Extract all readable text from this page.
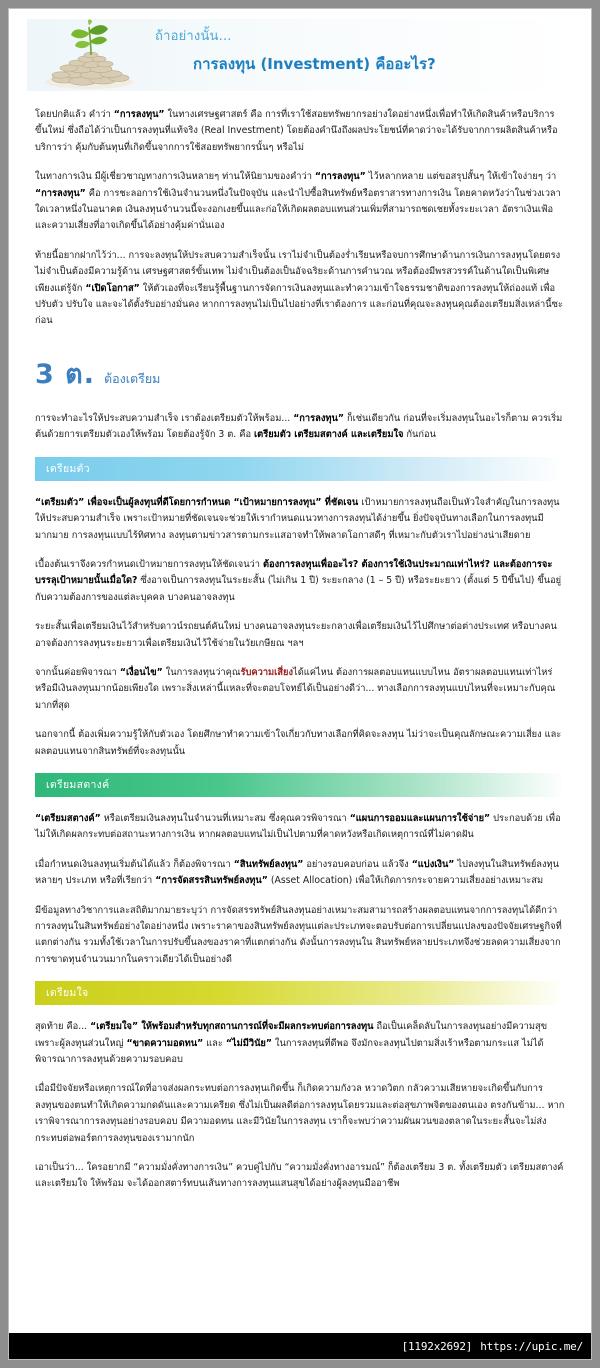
ถ้าอย่างนั้น...
การลงทุน (Investment) คืออะไร?

โดยปกติแล้ว คำว่า “การลงทุน” ในทางเศรษฐศาสตร์ คือ การที่เราใช้สอยทรัพยากรอย่างใดอย่างหนึ่งเพื่อทำให้เกิดสินค้าหรือบริการขึ้นใหม่ ซึ่งถือได้ว่าเป็นการลงทุนที่แท้จริง (Real Investment) โดยต้องคำนึงถึงผลประโยชน์ที่คาดว่าจะได้รับจากการผลิตสินค้าหรือบริการว่า คุ้มกับต้นทุนที่เกิดขึ้นจากการใช้สอยทรัพยากรนั้นๆ หรือไม่

ในทางการเงิน มีผู้เชี่ยวชาญทางการเงินหลายๆ ท่านให้นิยามของคำว่า “การลงทุน” ไว้หลากหลาย แต่ขอสรุปสั้นๆ ให้เข้าใจง่ายๆ ว่า “การลงทุน” คือ การชะลอการใช้เงินจำนวนหนึ่งในปัจจุบัน และนำไปซื้อสินทรัพย์หรือตราสารทางการเงิน โดยคาดหวังว่าในช่วงเวลาใดเวลาหนึ่งในอนาคต เงินลงทุนจำนวนนี้จะงอกเงยขึ้นและก่อให้เกิดผลตอบแทนส่วนเพิ่มที่สามารถชดเชยทั้งระยะเวลา อัตราเงินเฟ้อ และความเสี่ยงที่อาจเกิดขึ้นได้อย่างคุ้มค่านั่นเอง

ท้ายนี้อยากฝากไว้ว่า... การจะลงทุนให้ประสบความสำเร็จนั้น เราไม่จำเป็นต้องร่ำเรียนหรือจบการศึกษาด้านการเงินการลงทุนโดยตรง ไม่จำเป็นต้องมีความรู้ด้าน เศรษฐศาสตร์ขั้นเทพ ไม่จำเป็นต้องเป็นอัจฉริยะด้านการคำนวณ หรือต้องมีพรสวรรค์ในด้านใดเป็นพิเศษ เพียงแต่รู้จัก “เปิดโอกาส” ให้ตัวเองที่จะเรียนรู้พื้นฐานการจัดการเงินลงทุนและทำความเข้าใจธรรมชาติของการลงทุนให้ถ่องแท้ เพื่อปรับตัว ปรับใจ และจะได้ตั้งรับอย่างมั่นคง หากการลงทุนไม่เป็นไปอย่างที่เราต้องการ และก่อนที่คุณจะลงทุนคุณต้องเตรียมสิ่งเหล่านี้ซะก่อน

3 ต. ต้องเตรียม

การจะทำอะไรให้ประสบความสำเร็จ เราต้องเตรียมตัวให้พร้อม... “การลงทุน” ก็เช่นเดียวกัน ก่อนที่จะเริ่มลงทุนในอะไรก็ตาม ควรเริ่มต้นด้วยการเตรียมตัวเองให้พร้อม โดยต้องรู้จัก 3 ต. คือ เตรียมตัว เตรียมสตางค์ และเตรียมใจ กันก่อน

เตรียมตัว

“เตรียมตัว” เพื่อจะเป็นผู้ลงทุนที่ดีโดยการกำหนด “เป้าหมายการลงทุน” ที่ชัดเจน เป้าหมายการลงทุนถือเป็นหัวใจสำคัญในการลงทุนให้ประสบความสำเร็จ เพราะเป้าหมายที่ชัดเจนจะช่วยให้เรากำหนดแนวทางการลงทุนได้ง่ายขึ้น ยิ่งปัจจุบันทางเลือกในการลงทุนมีมากมาย การลงทุนแบบไร้ทิศทาง ลงทุนตามข่าวสารตามกระแสอาจทำให้พลาดโอกาสดีๆ ที่เหมาะกับตัวเราไปอย่างน่าเสียดาย

เบื้องต้นเราจึงควรกำหนดเป้าหมายการลงทุนให้ชัดเจนว่า ต้องการลงทุนเพื่ออะไร? ต้องการใช้เงินประมาณเท่าไหร่? และต้องการจะบรรลุเป้าหมายนั้นเมื่อใด? ซึ่งอาจเป็นการลงทุนในระยะสั้น (ไม่เกิน 1 ปี) ระยะกลาง (1 – 5 ปี) หรือระยะยาว (ตั้งแต่ 5 ปีขึ้นไป) ขึ้นอยู่กับความต้องการของแต่ละบุคคล บางคนอาจลงทุน

ระยะสั้นเพื่อเตรียมเงินไว้สำหรับดาวน์รถยนต์คันใหม่ บางคนอาจลงทุนระยะกลางเพื่อเตรียมเงินไว้ไปศึกษาต่อต่างประเทศ หรือบางคนอาจต้องการลงทุนระยะยาวเพื่อเตรียมเงินไว้ใช้จ่ายในวัยเกษียณ ฯลฯ

จากนั้นค่อยพิจารณา “เงื่อนไข” ในการลงทุนว่าคุณรับความเสี่ยงได้แค่ไหน ต้องการผลตอบแทนแบบไหน อัตราผลตอบแทนเท่าไหร่ หรือมีเงินลงทุนมากน้อยเพียงใด เพราะสิ่งเหล่านี้แหละที่จะตอบโจทย์ได้เป็นอย่างดีว่า... ทางเลือกการลงทุนแบบไหนที่จะเหมาะกับคุณมากที่สุด

นอกจากนี้ ต้องเพิ่มความรู้ให้กับตัวเอง โดยศึกษาทำความเข้าใจเกี่ยวกับทางเลือกที่คิดจะลงทุน ไม่ว่าจะเป็นคุณลักษณะความเสี่ยง และผลตอบแทนจากสินทรัพย์ที่จะลงทุนนั้น

เตรียมสตางค์

“เตรียมสตางค์” หรือเตรียมเงินลงทุนในจำนวนที่เหมาะสม ซึ่งคุณควรพิจารณา “แผนการออมและแผนการใช้จ่าย” ประกอบด้วย เพื่อไม่ให้เกิดผลกระทบต่อสถานะทางการเงิน หากผลตอบแทนไม่เป็นไปตามที่คาดหวังหรือเกิดเหตุการณ์ที่ไม่คาดฝัน

เมื่อกำหนดเงินลงทุนเริ่มต้นได้แล้ว ก็ต้องพิจารณา “สินทรัพย์ลงทุน” อย่างรอบคอบก่อน แล้วจึง “แบ่งเงิน” ไปลงทุนในสินทรัพย์ลงทุนหลายๆ ประเภท หรือที่เรียกว่า “การจัดสรรสินทรัพย์ลงทุน” (Asset Allocation) เพื่อให้เกิดการกระจายความเสี่ยงอย่างเหมาะสม

มีข้อมูลทางวิชาการและสถิติมากมายระบุว่า การจัดสรรทรัพย์สินลงทุนอย่างเหมาะสมสามารถสร้างผลตอบแทนจากการลงทุนได้ดีกว่าการลงทุนในสินทรัพย์อย่างใดอย่างหนึ่ง เพราะราคาของสินทรัพย์ลงทุนแต่ละประเภทจะตอบรับต่อการเปลี่ยนแปลงของปัจจัยเศรษฐกิจที่แตกต่างกัน รวมทั้งใช้เวลาในการปรับขึ้นลงของราคาที่แตกต่างกัน ดังนั้นการลงทุนใน สินทรัพย์หลายประเภทจึงช่วยลดความเสี่ยงจากการขาดทุนจำนวนมากในคราวเดียวได้เป็นอย่างดี

เตรียมใจ

สุดท้าย คือ... “เตรียมใจ” ให้พร้อมสำหรับทุกสถานการณ์ที่จะมีผลกระทบต่อการลงทุน ถือเป็นเคล็ดลับในการลงทุนอย่างมีความสุข เพราะผู้ลงทุนส่วนใหญ่ “ขาดความอดทน” และ “ไม่มีวินัย” ในการลงทุนที่ดีพอ จึงมักจะลงทุนไปตามสิ่งเร้าหรือตามกระแส ไม่ได้พิจารณาการลงทุนด้วยความรอบคอบ

เมื่อมีปัจจัยหรือเหตุการณ์ใดที่อาจส่งผลกระทบต่อการลงทุนเกิดขึ้น ก็เกิดความกังวล หวาดวิตก กลัวความเสียหายจะเกิดขึ้นกับการลงทุนของตนทำให้เกิดความกดดันและความเครียด ซึ่งไม่เป็นผลดีต่อการลงทุนโดยรวมและต่อสุขภาพจิตของตนเอง ตรงกันข้าม... หากเราพิจารณาการลงทุนอย่างรอบคอบ มีความอดทน และมีวินัยในการลงทุน เราก็จะพบว่าความผันผวนของตลาดในระยะสั้นจะไม่ส่งกระทบต่อพอร์ตการลงทุนของเรามากนัก

เอาเป็นว่า... ใครอยากมี “ความมั่งคั่งทางการเงิน” ควบคู่ไปกับ “ความมั่งคั่งทางอารมณ์” ก็ต้องเตรียม 3 ต. ทั้งเตรียมตัว เตรียมสตางค์ และเตรียมใจ ให้พร้อม จะได้ออกสตาร์ทบนเส้นทางการลงทุนแสนสุขได้อย่างผู้ลงทุนมืออาชีพ

[1192x2692] https://upic.me/
